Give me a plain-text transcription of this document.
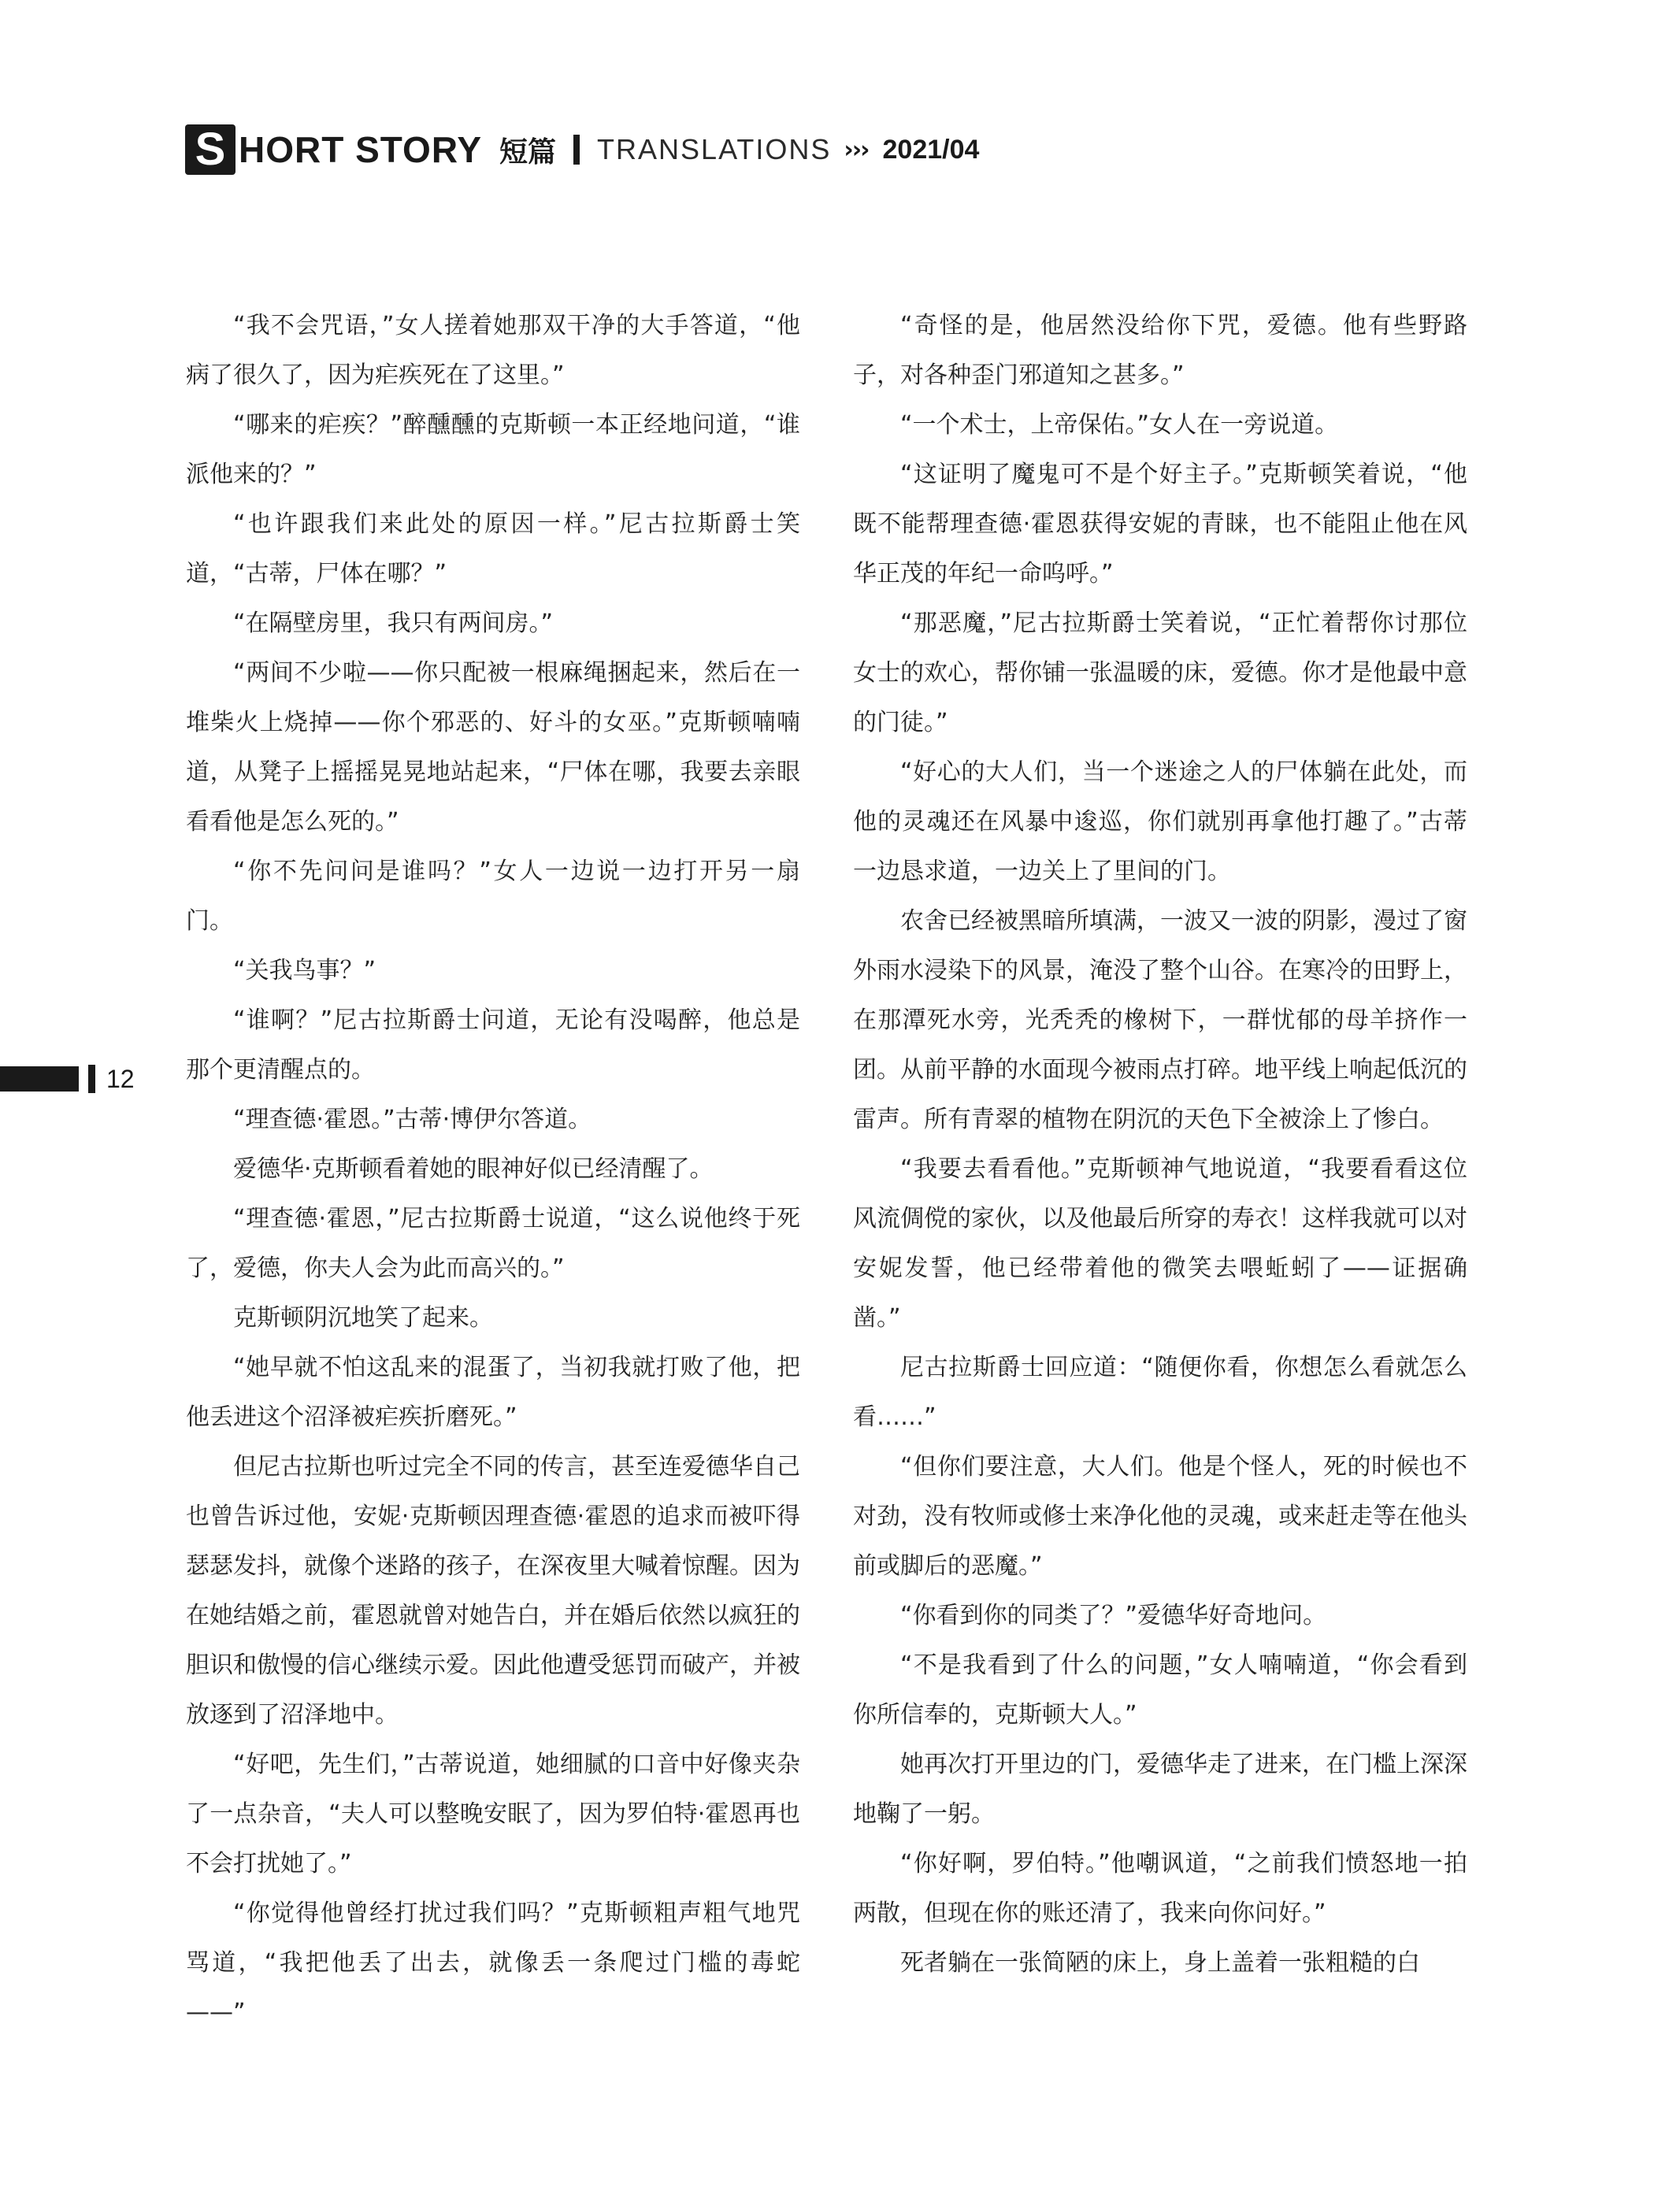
S HORT STORY 短篇 TRANSLATIONS ››› 2021/04
12

“我不会咒语，”女人搓着她那双干净的大手答道，“他病了很久了，因为疟疾死在了这里。”

“哪来的疟疾？”醉醺醺的克斯顿一本正经地问道，“谁派他来的？”

“也许跟我们来此处的原因一样。”尼古拉斯爵士笑道，“古蒂，尸体在哪？”

“在隔壁房里，我只有两间房。”

“两间不少啦——你只配被一根麻绳捆起来，然后在一堆柴火上烧掉——你个邪恶的、好斗的女巫。”克斯顿喃喃道，从凳子上摇摇晃晃地站起来，“尸体在哪，我要去亲眼看看他是怎么死的。”

“你不先问问是谁吗？”女人一边说一边打开另一扇门。

“关我鸟事？”

“谁啊？”尼古拉斯爵士问道，无论有没喝醉，他总是那个更清醒点的。

“理查德·霍恩。”古蒂·博伊尔答道。

爱德华·克斯顿看着她的眼神好似已经清醒了。

“理查德·霍恩，”尼古拉斯爵士说道，“这么说他终于死了，爱德，你夫人会为此而高兴的。”

克斯顿阴沉地笑了起来。

“她早就不怕这乱来的混蛋了，当初我就打败了他，把他丢进这个沼泽被疟疾折磨死。”

但尼古拉斯也听过完全不同的传言，甚至连爱德华自己也曾告诉过他，安妮·克斯顿因理查德·霍恩的追求而被吓得瑟瑟发抖，就像个迷路的孩子，在深夜里大喊着惊醒。因为在她结婚之前，霍恩就曾对她告白，并在婚后依然以疯狂的胆识和傲慢的信心继续示爱。因此他遭受惩罚而破产，并被放逐到了沼泽地中。

“好吧，先生们，”古蒂说道，她细腻的口音中好像夹杂了一点杂音，“夫人可以整晚安眠了，因为罗伯特·霍恩再也不会打扰她了。”

“你觉得他曾经打扰过我们吗？”克斯顿粗声粗气地咒骂道，“我把他丢了出去，就像丢一条爬过门槛的毒蛇——”

“奇怪的是，他居然没给你下咒，爱德。他有些野路子，对各种歪门邪道知之甚多。”

“一个术士，上帝保佑。”女人在一旁说道。

“这证明了魔鬼可不是个好主子。”克斯顿笑着说，“他既不能帮理查德·霍恩获得安妮的青睐，也不能阻止他在风华正茂的年纪一命呜呼。”

“那恶魔，”尼古拉斯爵士笑着说，“正忙着帮你讨那位女士的欢心，帮你铺一张温暖的床，爱德。你才是他最中意的门徒。”

“好心的大人们，当一个迷途之人的尸体躺在此处，而他的灵魂还在风暴中逡巡，你们就别再拿他打趣了。”古蒂一边恳求道，一边关上了里间的门。

农舍已经被黑暗所填满，一波又一波的阴影，漫过了窗外雨水浸染下的风景，淹没了整个山谷。在寒冷的田野上，在那潭死水旁，光秃秃的橡树下，一群忧郁的母羊挤作一团。从前平静的水面现今被雨点打碎。地平线上响起低沉的雷声。所有青翠的植物在阴沉的天色下全被涂上了惨白。

“我要去看看他。”克斯顿神气地说道，“我要看看这位风流倜傥的家伙，以及他最后所穿的寿衣！这样我就可以对安妮发誓，他已经带着他的微笑去喂蚯蚓了——证据确凿。”

尼古拉斯爵士回应道：“随便你看，你想怎么看就怎么看……”

“但你们要注意，大人们。他是个怪人，死的时候也不对劲，没有牧师或修士来净化他的灵魂，或来赶走等在他头前或脚后的恶魔。”

“你看到你的同类了？”爱德华好奇地问。

“不是我看到了什么的问题，”女人喃喃道，“你会看到你所信奉的，克斯顿大人。”

她再次打开里边的门，爱德华走了进来，在门槛上深深地鞠了一躬。

“你好啊，罗伯特。”他嘲讽道，“之前我们愤怒地一拍两散，但现在你的账还清了，我来向你问好。”

死者躺在一张简陋的床上，身上盖着一张粗糙的白
